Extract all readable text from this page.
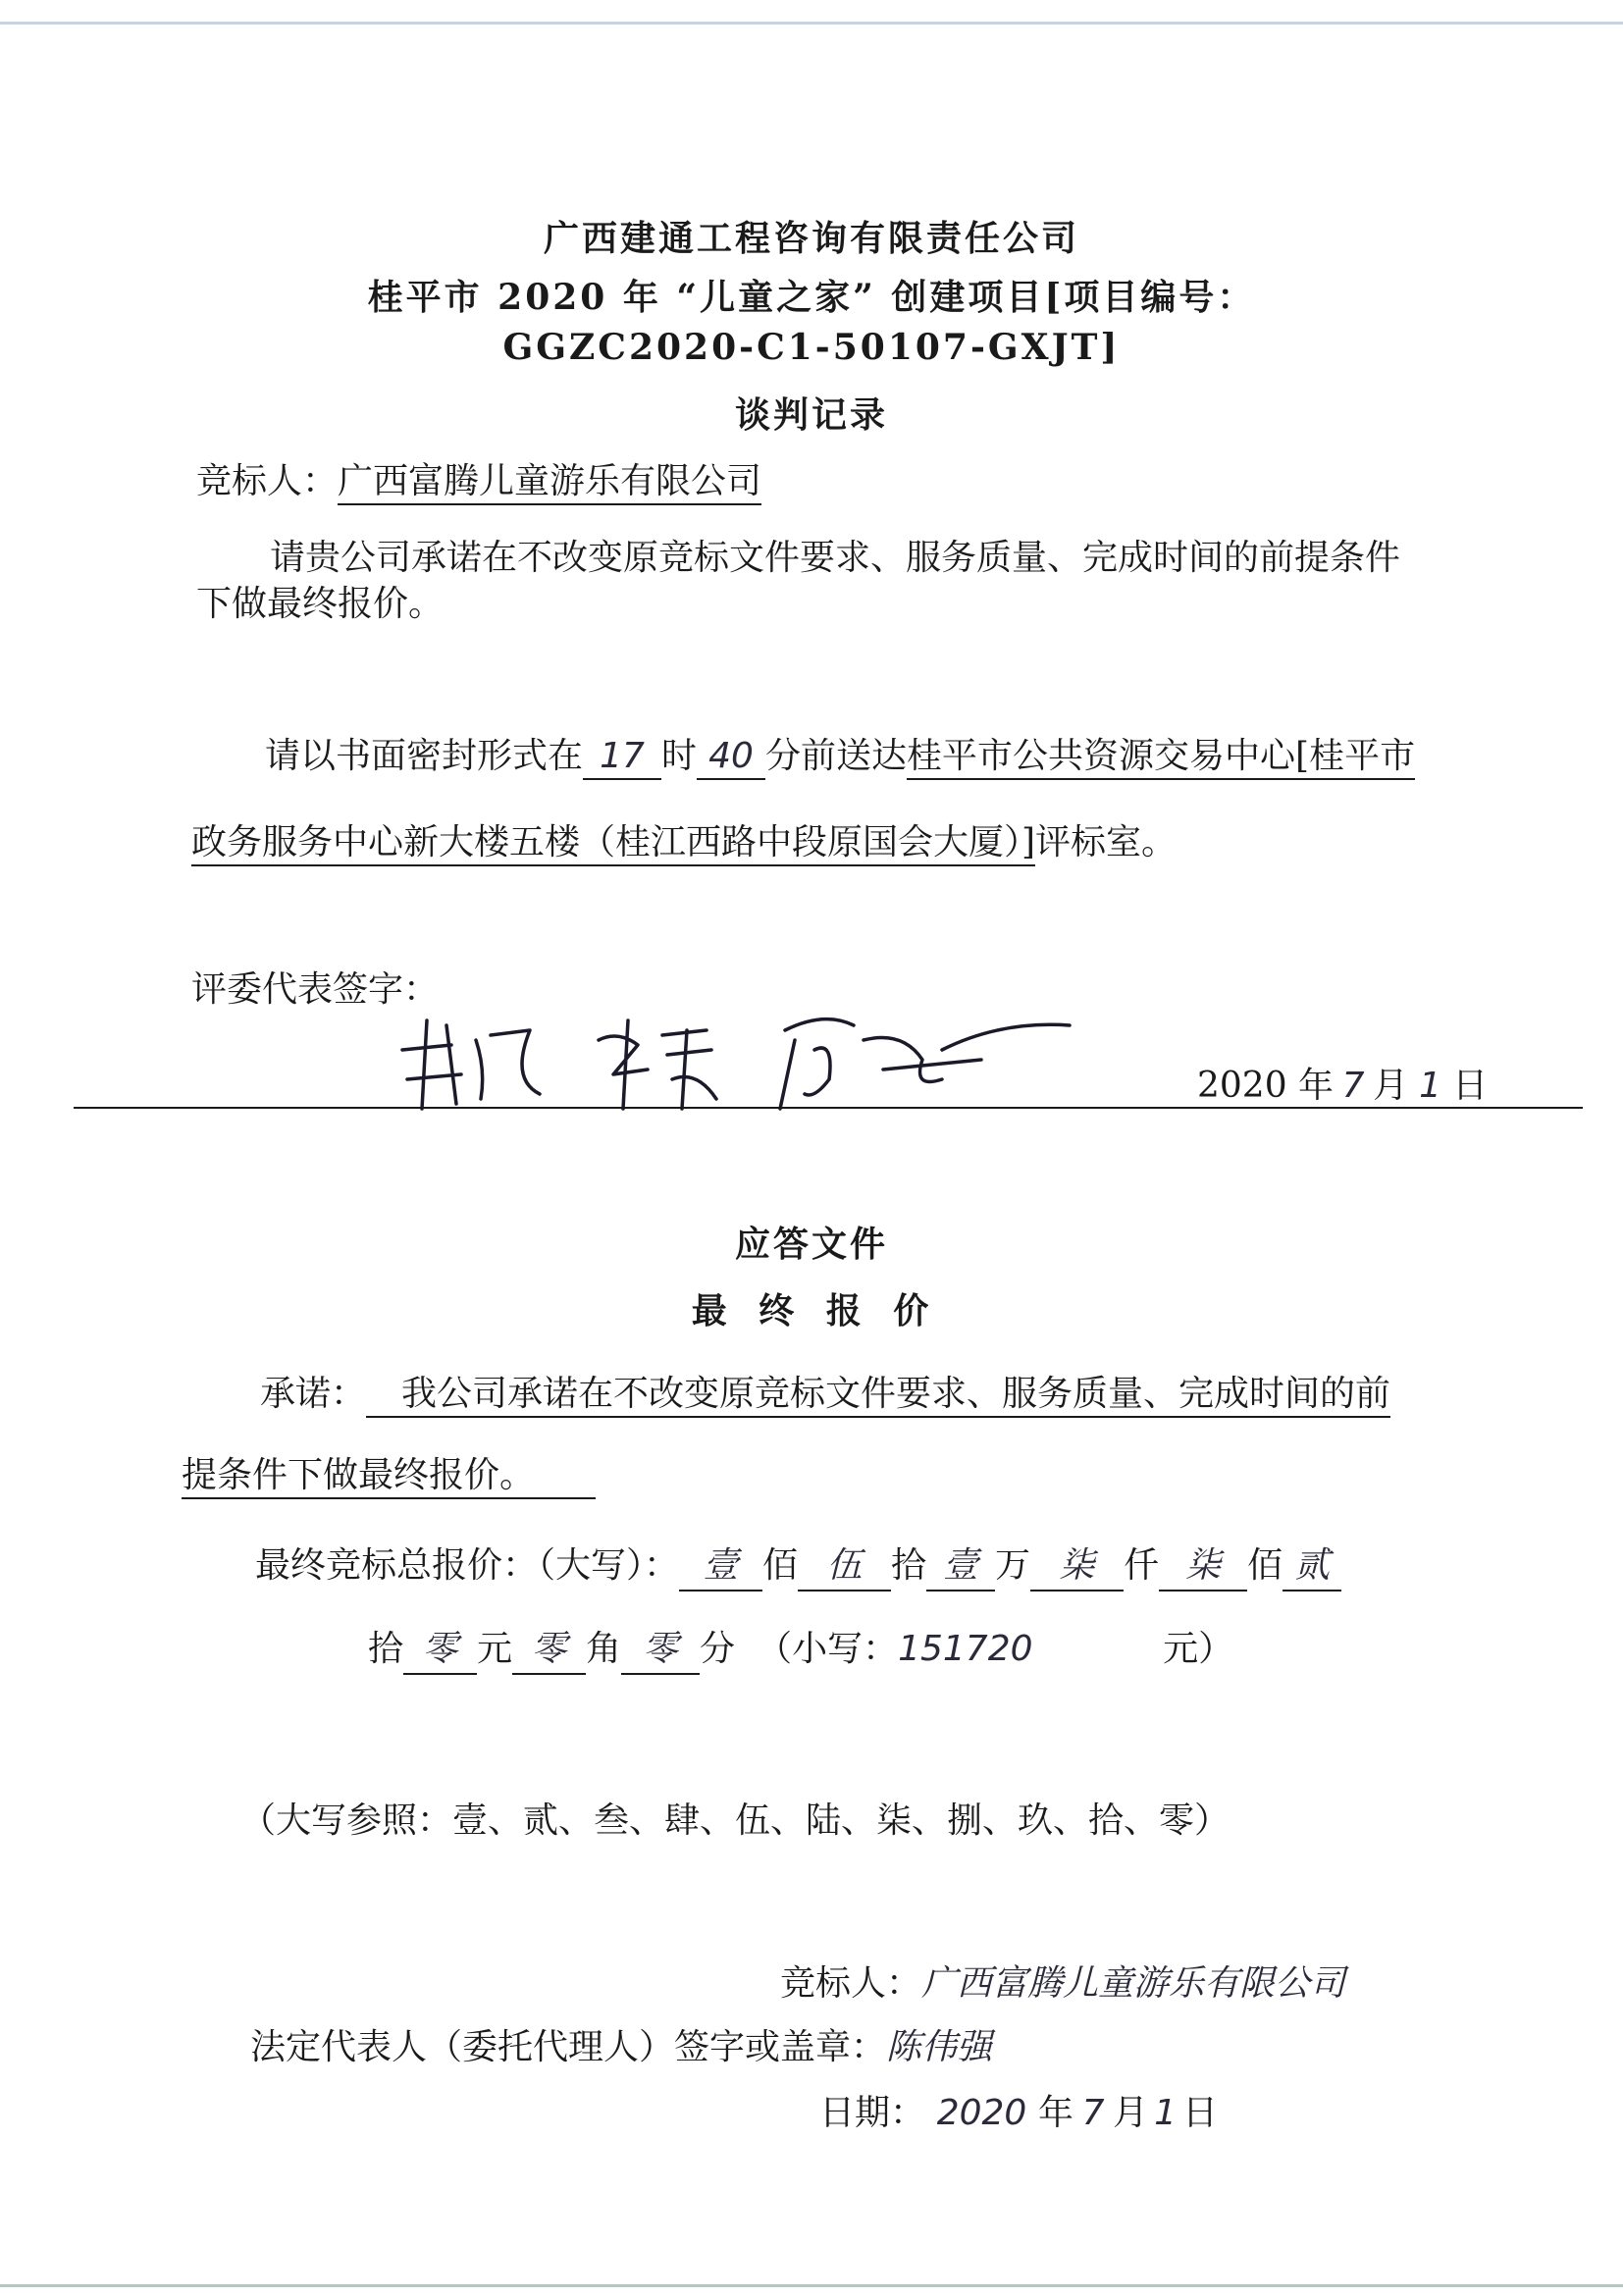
广西建通工程咨询有限责任公司
桂平市 2020 年 “儿童之家” 创建项目[项目编号：
GGZC2020-C1-50107-GXJT]
谈判记录
竞标人：广西富腾儿童游乐有限公司
请贵公司承诺在不改变原竞标文件要求、服务质量、完成时间的前提条件
下做最终报价。
请以书面密封形式在 17 时 40 分前送达桂平市公共资源交易中心[桂平市
政务服务中心新大楼五楼（桂江西路中段原国会大厦）]评标室。
评委代表签字：
2020 年 7 月 1 日
应答文件
最 终 报 价
承诺： 我公司承诺在不改变原竞标文件要求、服务质量、完成时间的前
提条件下做最终报价。
最终竞标总报价：（大写）： 壹 佰 伍 拾 壹 万 柒 仟 柒 佰 贰
拾 零 元 零 角 零 分 （小写：151720	元）
（大写参照：壹、贰、叁、肆、伍、陆、柒、捌、玖、拾、零）
竞标人：广西富腾儿童游乐有限公司
法定代表人（委托代理人）签字或盖章：陈伟强
日期： 2020 年 7 月 1 日
